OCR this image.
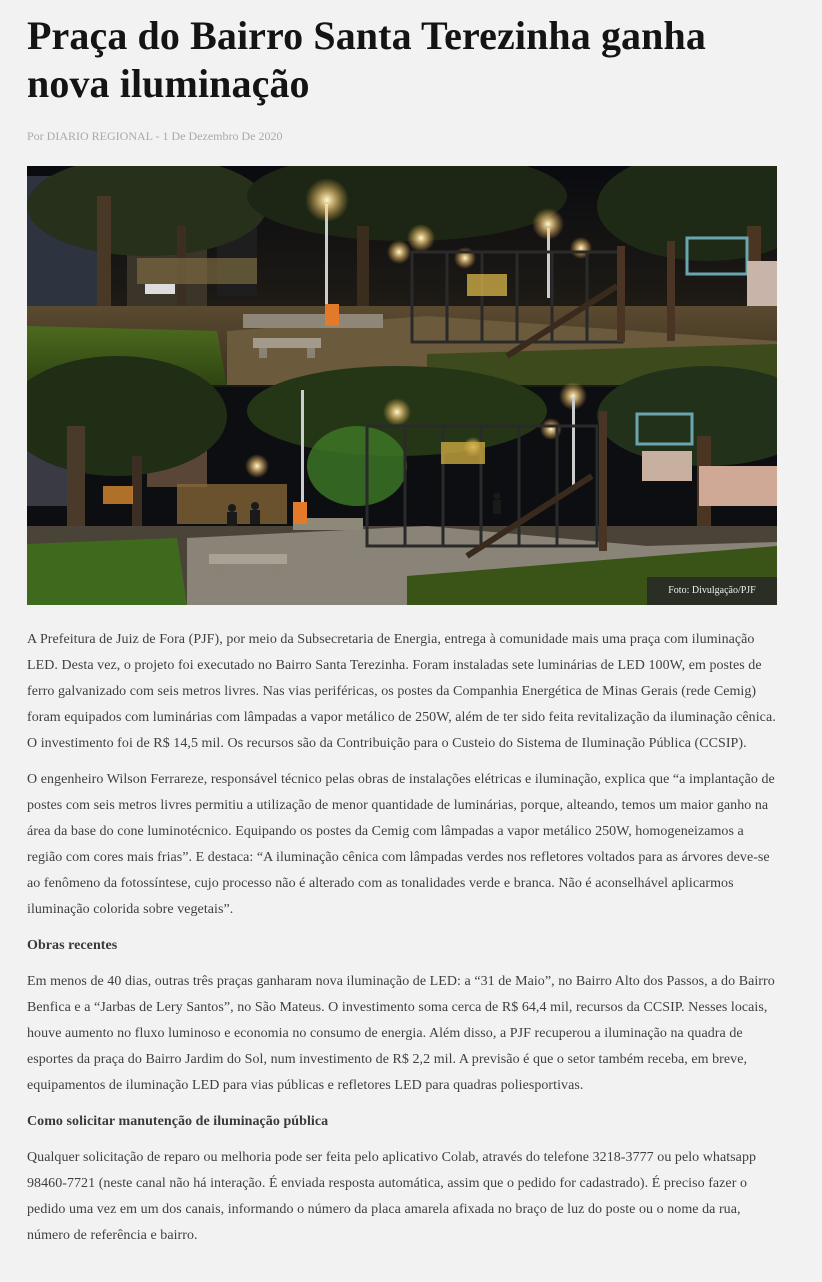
Praça do Bairro Santa Terezinha ganha nova iluminação
Por DIARIO REGIONAL - 1 De Dezembro De 2020
Foto: Divulgação/PJF

A Prefeitura de Juiz de Fora (PJF), por meio da Subsecretaria de Energia, entrega à comunidade mais uma praça com iluminação LED. Desta vez, o projeto foi executado no Bairro Santa Terezinha. Foram instaladas sete luminárias de LED 100W, em postes de ferro galvanizado com seis metros livres. Nas vias periféricas, os postes da Companhia Energética de Minas Gerais (rede Cemig) foram equipados com luminárias com lâmpadas a vapor metálico de 250W, além de ter sido feita revitalização da iluminação cênica. O investimento foi de R$ 14,5 mil. Os recursos são da Contribuição para o Custeio do Sistema de Iluminação Pública (CCSIP).

O engenheiro Wilson Ferrareze, responsável técnico pelas obras de instalações elétricas e iluminação, explica que “a implantação de postes com seis metros livres permitiu a utilização de menor quantidade de luminárias, porque, alteando, temos um maior ganho na área da base do cone luminotécnico. Equipando os postes da Cemig com lâmpadas a vapor metálico 250W, homogeneizamos a região com cores mais frias”. E destaca: “A iluminação cênica com lâmpadas verdes nos refletores voltados para as árvores deve-se ao fenômeno da fotossíntese, cujo processo não é alterado com as tonalidades verde e branca. Não é aconselhável aplicarmos iluminação colorida sobre vegetais”.

Obras recentes

Em menos de 40 dias, outras três praças ganharam nova iluminação de LED: a “31 de Maio”, no Bairro Alto dos Passos, a do Bairro Benfica e a “Jarbas de Lery Santos”, no São Mateus. O investimento soma cerca de R$ 64,4 mil, recursos da CCSIP. Nesses locais, houve aumento no fluxo luminoso e economia no consumo de energia. Além disso, a PJF recuperou a iluminação na quadra de esportes da praça do Bairro Jardim do Sol, num investimento de R$ 2,2 mil. A previsão é que o setor também receba, em breve, equipamentos de iluminação LED para vias públicas e refletores LED para quadras poliesportivas.

Como solicitar manutenção de iluminação pública

Qualquer solicitação de reparo ou melhoria pode ser feita pelo aplicativo Colab, através do telefone 3218-3777 ou pelo whatsapp 98460-7721 (neste canal não há interação. É enviada resposta automática, assim que o pedido for cadastrado). É preciso fazer o pedido uma vez em um dos canais, informando o número da placa amarela afixada no braço de luz do poste ou o nome da rua, número de referência e bairro.
